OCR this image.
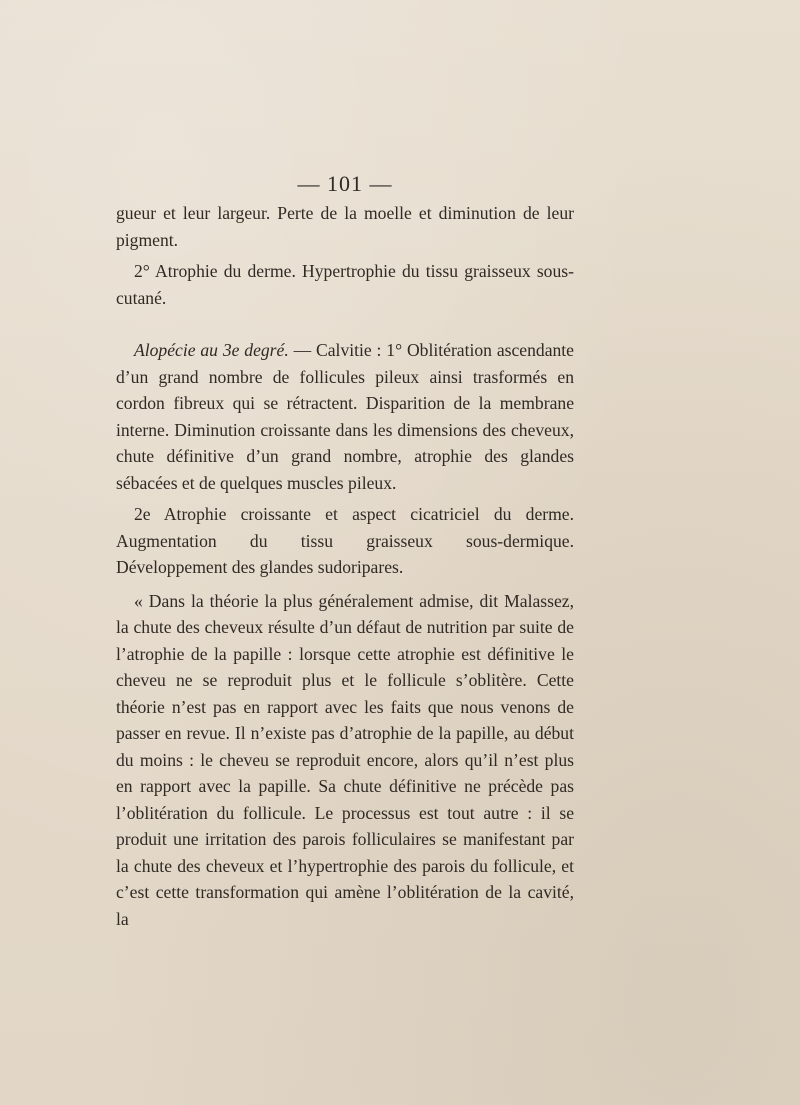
— 101 —

gueur et leur largeur. Perte de la moelle et diminution de leur pigment.

2° Atrophie du derme. Hypertrophie du tissu graisseux sous-cutané.

Alopécie au 3e degré. — Calvitie : 1° Oblitération ascendante d’un grand nombre de follicules pileux ainsi trasformés en cordon fibreux qui se rétractent. Disparition de la membrane interne. Diminution croissante dans les dimensions des cheveux, chute définitive d’un grand nombre, atrophie des glandes sébacées et de quelques muscles pileux.

2e Atrophie croissante et aspect cicatriciel du derme. Augmentation du tissu graisseux sous-dermique. Développement des glandes sudoripares.

« Dans la théorie la plus généralement admise, dit Malassez, la chute des cheveux résulte d’un défaut de nutrition par suite de l’atrophie de la papille : lorsque cette atrophie est définitive le cheveu ne se reproduit plus et le follicule s’oblitère. Cette théorie n’est pas en rapport avec les faits que nous venons de passer en revue. Il n’existe pas d’atrophie de la papille, au début du moins : le cheveu se reproduit encore, alors qu’il n’est plus en rapport avec la papille. Sa chute définitive ne précède pas l’oblitération du follicule. Le processus est tout autre : il se produit une irritation des parois folliculaires se manifestant par la chute des cheveux et l’hypertrophie des parois du follicule, et c’est cette transformation qui amène l’oblitération de la cavité, la
